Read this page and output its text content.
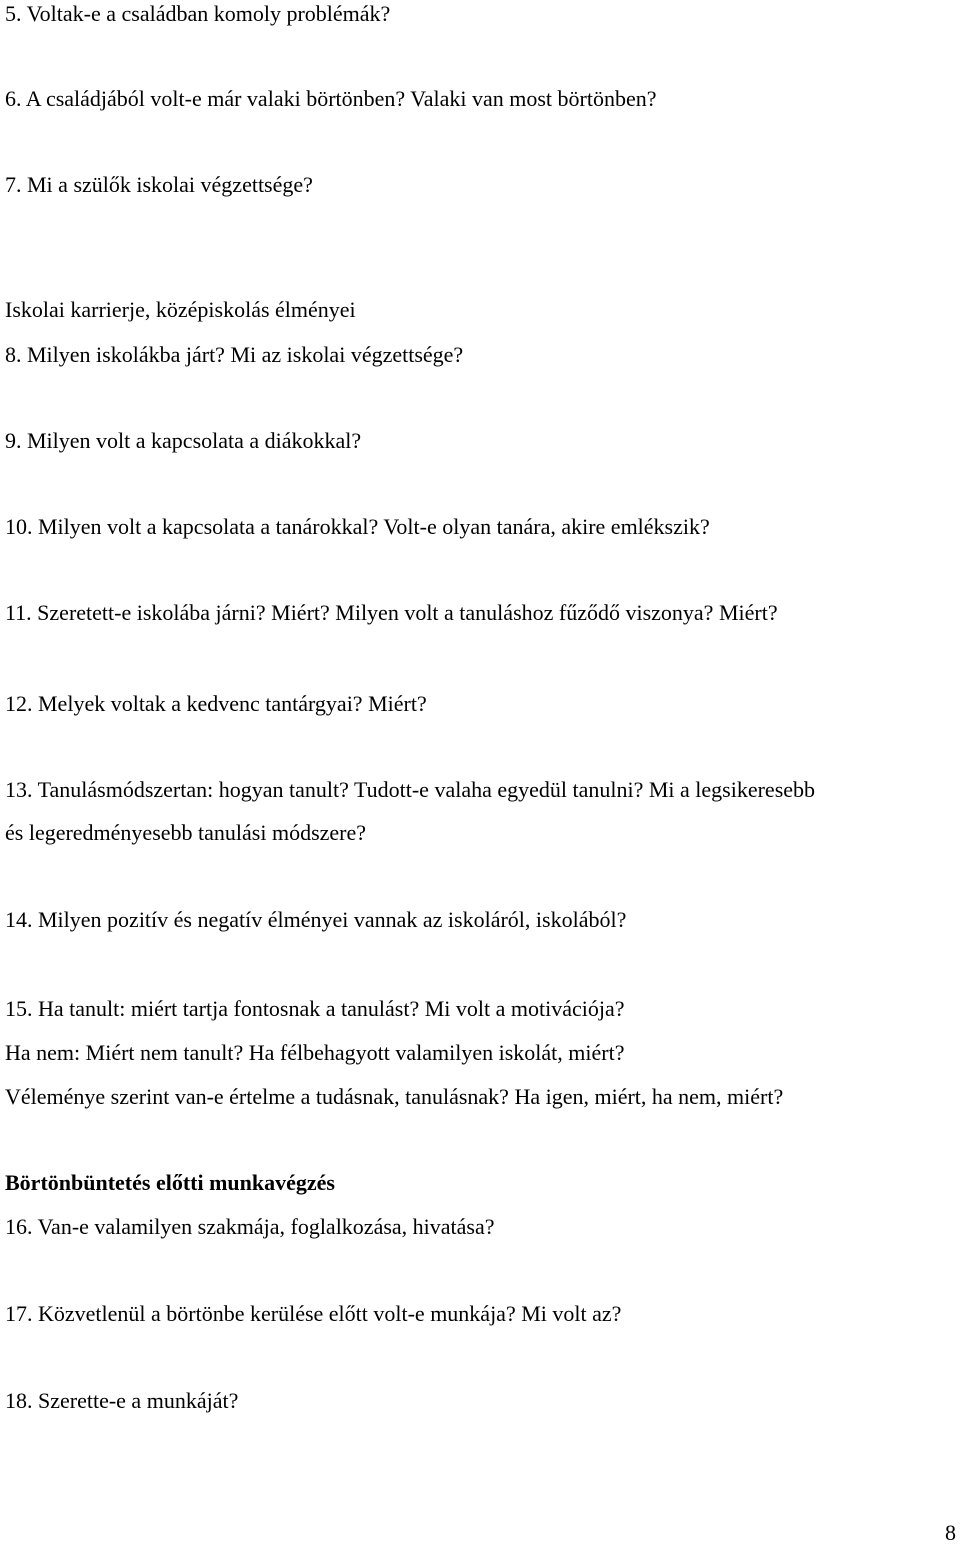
5. Voltak-e a családban komoly problémák?

6. A családjából volt-e már valaki börtönben? Valaki van most börtönben?

7. Mi a szülők iskolai végzettsége?

Iskolai karrierje, középiskolás élményei

8. Milyen iskolákba járt? Mi az iskolai végzettsége?

9. Milyen volt a kapcsolata a diákokkal?

10. Milyen volt a kapcsolata a tanárokkal? Volt-e olyan tanára, akire emlékszik?

11. Szeretett-e iskolába járni? Miért? Milyen volt a tanuláshoz fűződő viszonya? Miért?

12. Melyek voltak a kedvenc tantárgyai? Miért?

13. Tanulásmódszertan: hogyan tanult? Tudott-e valaha egyedül tanulni? Mi a legsikeresebb

és legeredményesebb tanulási módszere?

14. Milyen pozitív és negatív élményei vannak az iskoláról, iskolából?

15. Ha tanult: miért tartja fontosnak a tanulást? Mi volt a motivációja?

Ha nem: Miért nem tanult? Ha félbehagyott valamilyen iskolát, miért?

Véleménye szerint van-e értelme a tudásnak, tanulásnak? Ha igen, miért, ha nem, miért?

Börtönbüntetés előtti munkavégzés

16. Van-e valamilyen szakmája, foglalkozása, hivatása?

17. Közvetlenül a börtönbe kerülése előtt volt-e munkája? Mi volt az?

18. Szerette-e a munkáját?

8
